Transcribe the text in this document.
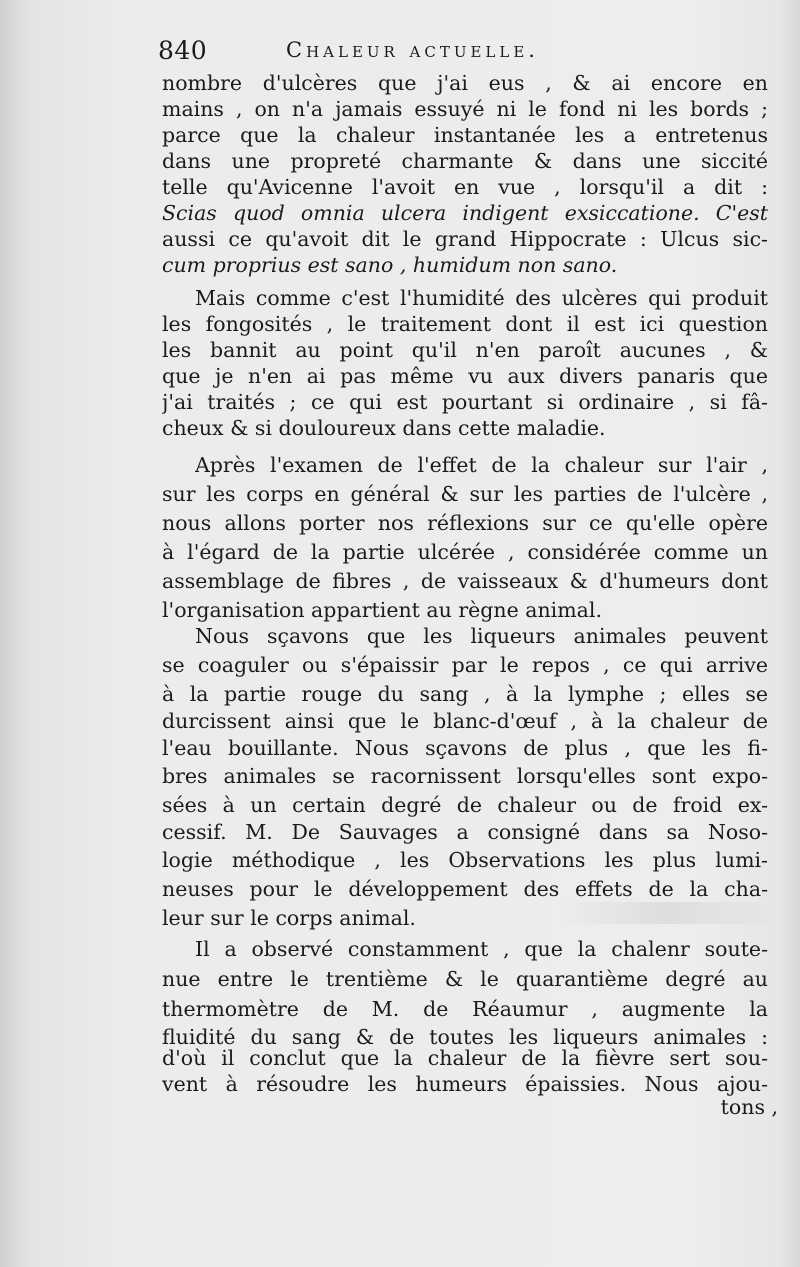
840	Chaleur actuelle.
nombre d'ulcères que j'ai eus , & ai encore en
mains , on n'a jamais essuyé ni le fond ni les bords ;
parce que la chaleur instantanée les a entretenus
dans une propreté charmante & dans une siccité
telle qu'Avicenne l'avoit en vue , lorsqu'il a dit :
Scias quod omnia ulcera indigent exsiccatione. C'est
aussi ce qu'avoit dit le grand Hippocrate : Ulcus sic-
cum proprius est sano , humidum non sano.
Mais comme c'est l'humidité des ulcères qui produit
les fongosités , le traitement dont il est ici question
les bannit au point qu'il n'en paroît aucunes , &
que je n'en ai pas même vu aux divers panaris que
j'ai traités ; ce qui est pourtant si ordinaire , si fâ-
cheux & si douloureux dans cette maladie.
Après l'examen de l'effet de la chaleur sur l'air ,
sur les corps en général & sur les parties de l'ulcère ,
nous allons porter nos réflexions sur ce qu'elle opère
à l'égard de la partie ulcérée , considérée comme un
assemblage de fibres , de vaisseaux & d'humeurs dont
l'organisation appartient au règne animal.
Nous sçavons que les liqueurs animales peuvent
se coaguler ou s'épaissir par le repos , ce qui arrive
à la partie rouge du sang , à la lymphe ; elles se
durcissent ainsi que le blanc-d'œuf , à la chaleur de
l'eau bouillante. Nous sçavons de plus , que les fi-
bres animales se racornissent lorsqu'elles sont expo-
sées à un certain degré de chaleur ou de froid ex-
cessif. M. De Sauvages a consigné dans sa Noso-
logie méthodique , les Observations les plus lumi-
neuses pour le développement des effets de la cha-
leur sur le corps animal.
Il a observé constamment , que la chalenr soute-
nue entre le trentième & le quarantième degré au
thermomètre de M. de Réaumur , augmente la
fluidité du sang & de toutes les liqueurs animales :
d'où il conclut que la chaleur de la fièvre sert sou-
vent à résoudre les humeurs épaissies. Nous ajou-
tons ,
